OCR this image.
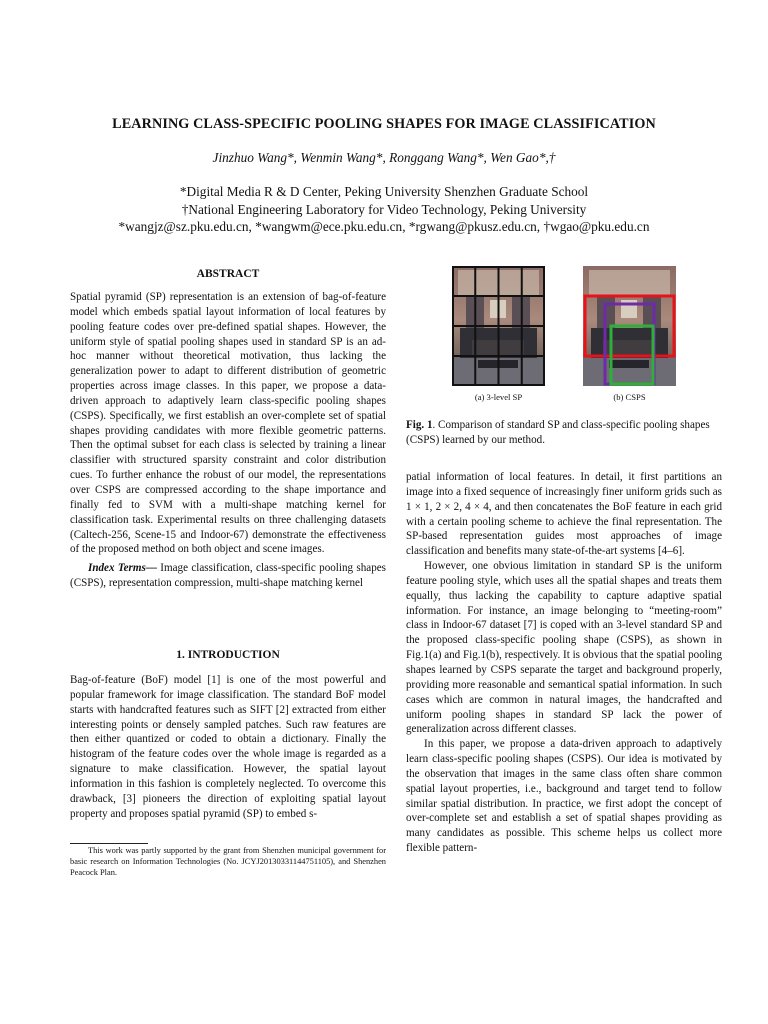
LEARNING CLASS-SPECIFIC POOLING SHAPES FOR IMAGE CLASSIFICATION
Jinzhuo Wang*, Wenmin Wang*, Ronggang Wang*, Wen Gao*,†
*Digital Media R & D Center, Peking University Shenzhen Graduate School
†National Engineering Laboratory for Video Technology, Peking University
*wangjz@sz.pku.edu.cn, *wangwm@ece.pku.edu.cn, *rgwang@pkusz.edu.cn, †wgao@pku.edu.cn
ABSTRACT

Spatial pyramid (SP) representation is an extension of bag-of-feature model which embeds spatial layout information of local features by pooling feature codes over pre-defined spatial shapes. However, the uniform style of spatial pooling shapes used in standard SP is an ad-hoc manner without theoretical motivation, thus lacking the generalization power to adapt to different distribution of geometric properties across image classes. In this paper, we propose a data-driven approach to adaptively learn class-specific pooling shapes (CSPS). Specifically, we first establish an over-complete set of spatial shapes providing candidates with more flexible geometric patterns. Then the optimal subset for each class is selected by training a linear classifier with structured sparsity constraint and color distribution cues. To further enhance the robust of our model, the representations over CSPS are compressed according to the shape importance and finally fed to SVM with a multi-shape matching kernel for classification task. Experimental results on three challenging datasets (Caltech-256, Scene-15 and Indoor-67) demonstrate the effectiveness of the proposed method on both object and scene images.

Index Terms— Image classification, class-specific pooling shapes (CSPS), representation compression, multi-shape matching kernel

1. INTRODUCTION

Bag-of-feature (BoF) model [1] is one of the most powerful and popular framework for image classification. The standard BoF model starts with handcrafted features such as SIFT [2] extracted from either interesting points or densely sampled patches. Such raw features are then either quantized or coded to obtain a dictionary. Finally the histogram of the feature codes over the whole image is regarded as a signature to make classification. However, the spatial layout information in this fashion is completely neglected. To overcome this drawback, [3] pioneers the direction of exploiting spatial layout property and proposes spatial pyramid (SP) to embed s-

This work was partly supported by the grant from Shenzhen municipal government for basic research on Information Technologies (No. JCYJ20130331144751105), and Shenzhen Peacock Plan.
(a) 3-level SP	(b) CSPS
Fig. 1. Comparison of standard SP and class-specific pooling shapes (CSPS) learned by our method.

patial information of local features. In detail, it first partitions an image into a fixed sequence of increasingly finer uniform grids such as 1 × 1, 2 × 2, 4 × 4, and then concatenates the BoF feature in each grid with a certain pooling scheme to achieve the final representation. The SP-based representation guides most approaches of image classification and benefits many state-of-the-art systems [4–6].

However, one obvious limitation in standard SP is the uniform feature pooling style, which uses all the spatial shapes and treats them equally, thus lacking the capability to capture adaptive spatial information. For instance, an image belonging to “meeting-room” class in Indoor-67 dataset [7] is coped with an 3-level standard SP and the proposed class-specific pooling shape (CSPS), as shown in Fig.1(a) and Fig.1(b), respectively. It is obvious that the spatial pooling shapes learned by CSPS separate the target and background properly, providing more reasonable and semantical spatial information. In such cases which are common in natural images, the handcrafted and uniform pooling shapes in standard SP lack the power of generalization across different classes.

In this paper, we propose a data-driven approach to adaptively learn class-specific pooling shapes (CSPS). Our idea is motivated by the observation that images in the same class often share common spatial layout properties, i.e., background and target tend to follow similar spatial distribution. In practice, we first adopt the concept of over-complete set and establish a set of spatial shapes providing as many candidates as possible. This scheme helps us collect more flexible pattern-
